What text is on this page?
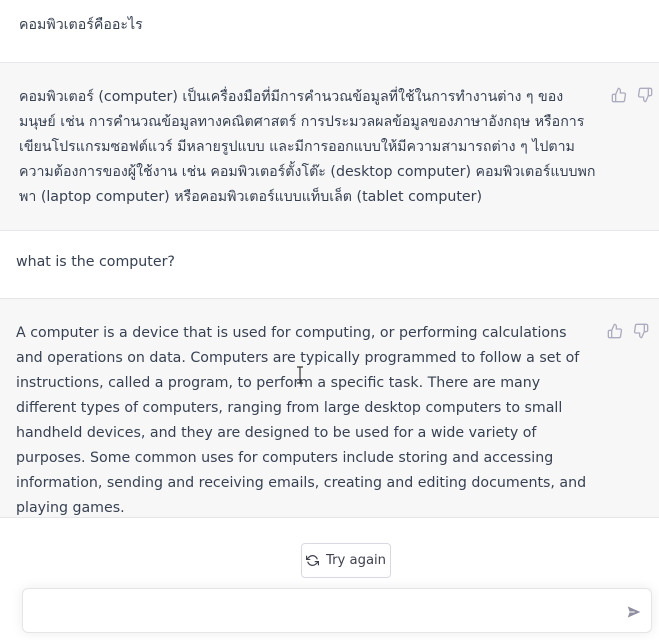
คอมพิวเตอร์คืออะไร
คอมพิวเตอร์ (computer) เป็นเครื่องมือที่มีการคำนวณข้อมูลที่ใช้ในการทำงานต่าง ๆ ของมนุษย์ เช่น การคำนวณข้อมูลทางคณิตศาสตร์ การประมวลผลข้อมูลของภาษาอังกฤษ หรือการเขียนโปรแกรมซอฟต์แวร์ มีหลายรูปแบบ และมีการออกแบบให้มีความสามารถต่าง ๆ ไปตามความต้องการของผู้ใช้งาน เช่น คอมพิวเตอร์ตั้งโต๊ะ (desktop computer) คอมพิวเตอร์แบบพกพา (laptop computer) หรือคอมพิวเตอร์แบบแท็บเล็ต (tablet computer)
what is the computer?
A computer is a device that is used for computing, or performing calculations and operations on data. Computers are typically programmed to follow a set of instructions, called a program, to perform a specific task. There are many different types of computers, ranging from large desktop computers to small handheld devices, and they are designed to be used for a wide variety of purposes. Some common uses for computers include storing and accessing information, sending and receiving emails, creating and editing documents, and playing games.
Try again
